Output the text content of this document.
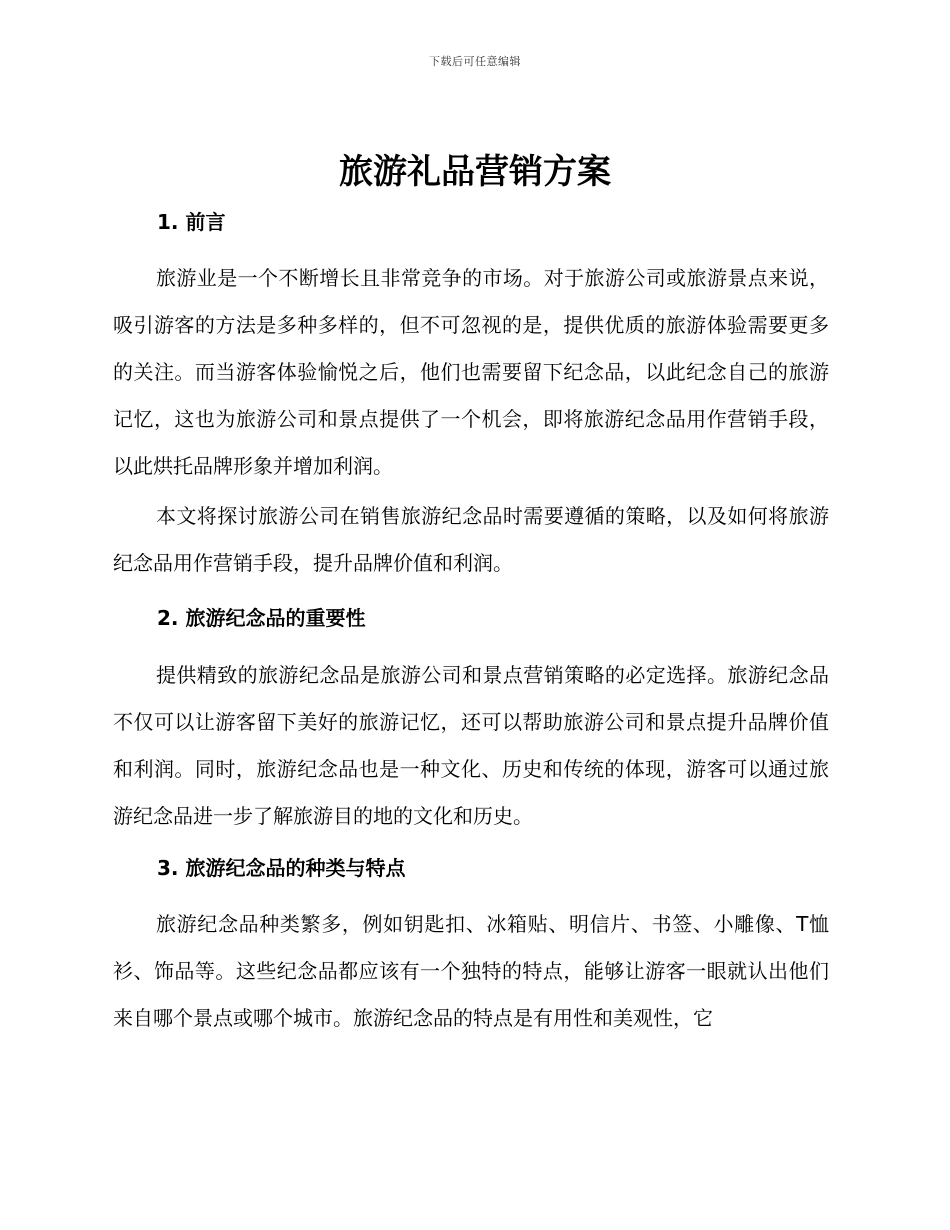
下载后可任意编辑
旅游礼品营销方案
1. 前言

旅游业是一个不断增长且非常竞争的市场。对于旅游公司或旅游景点来说，吸引游客的方法是多种多样的，但不可忽视的是，提供优质的旅游体验需要更多的关注。而当游客体验愉悦之后，他们也需要留下纪念品，以此纪念自己的旅游记忆，这也为旅游公司和景点提供了一个机会，即将旅游纪念品用作营销手段，以此烘托品牌形象并增加利润。

本文将探讨旅游公司在销售旅游纪念品时需要遵循的策略，以及如何将旅游纪念品用作营销手段，提升品牌价值和利润。

2. 旅游纪念品的重要性

提供精致的旅游纪念品是旅游公司和景点营销策略的必定选择。旅游纪念品不仅可以让游客留下美好的旅游记忆，还可以帮助旅游公司和景点提升品牌价值和利润。同时，旅游纪念品也是一种文化、历史和传统的体现，游客可以通过旅游纪念品进一步了解旅游目的地的文化和历史。

3. 旅游纪念品的种类与特点

旅游纪念品种类繁多，例如钥匙扣、冰箱贴、明信片、书签、小雕像、T恤衫、饰品等。这些纪念品都应该有一个独特的特点，能够让游客一眼就认出他们来自哪个景点或哪个城市。旅游纪念品的特点是有用性和美观性，它
